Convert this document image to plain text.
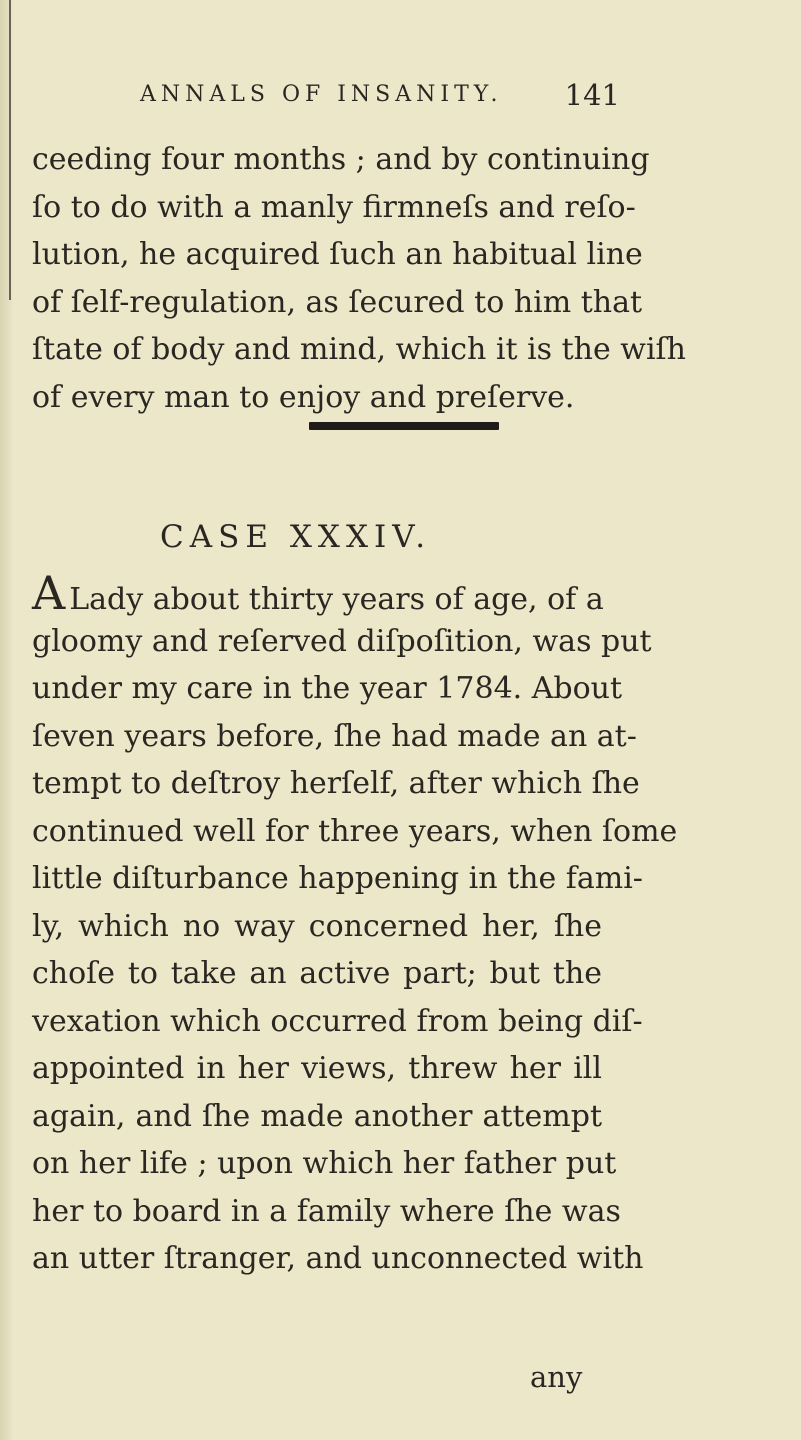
ANNALS OF INSANITY. 141
ceeding four months ; and by continuing
ſo to do with a manly firmneſs and reſo-
lution, he acquired ſuch an habitual line
of ſelf-regulation, as ſecured to him that
ſtate of body and mind, which it is the wiſh
of every man to enjoy and preſerve.
CASE XXXIV.
A Lady about thirty years of age, of a
gloomy and reſerved diſpoſition, was put
under my care in the year 1784. About
ſeven years before, ſhe had made an at-
tempt to deſtroy herſelf, after which ſhe
continued well for three years, when ſome
little diſturbance happening in the fami-
ly, which no way concerned her, ſhe
choſe to take an active part; but the
vexation which occurred from being diſ-
appointed in her views, threw her ill
again, and ſhe made another attempt
on her life ; upon which her father put
her to board in a family where ſhe was
an utter ſtranger, and unconnected with
any
